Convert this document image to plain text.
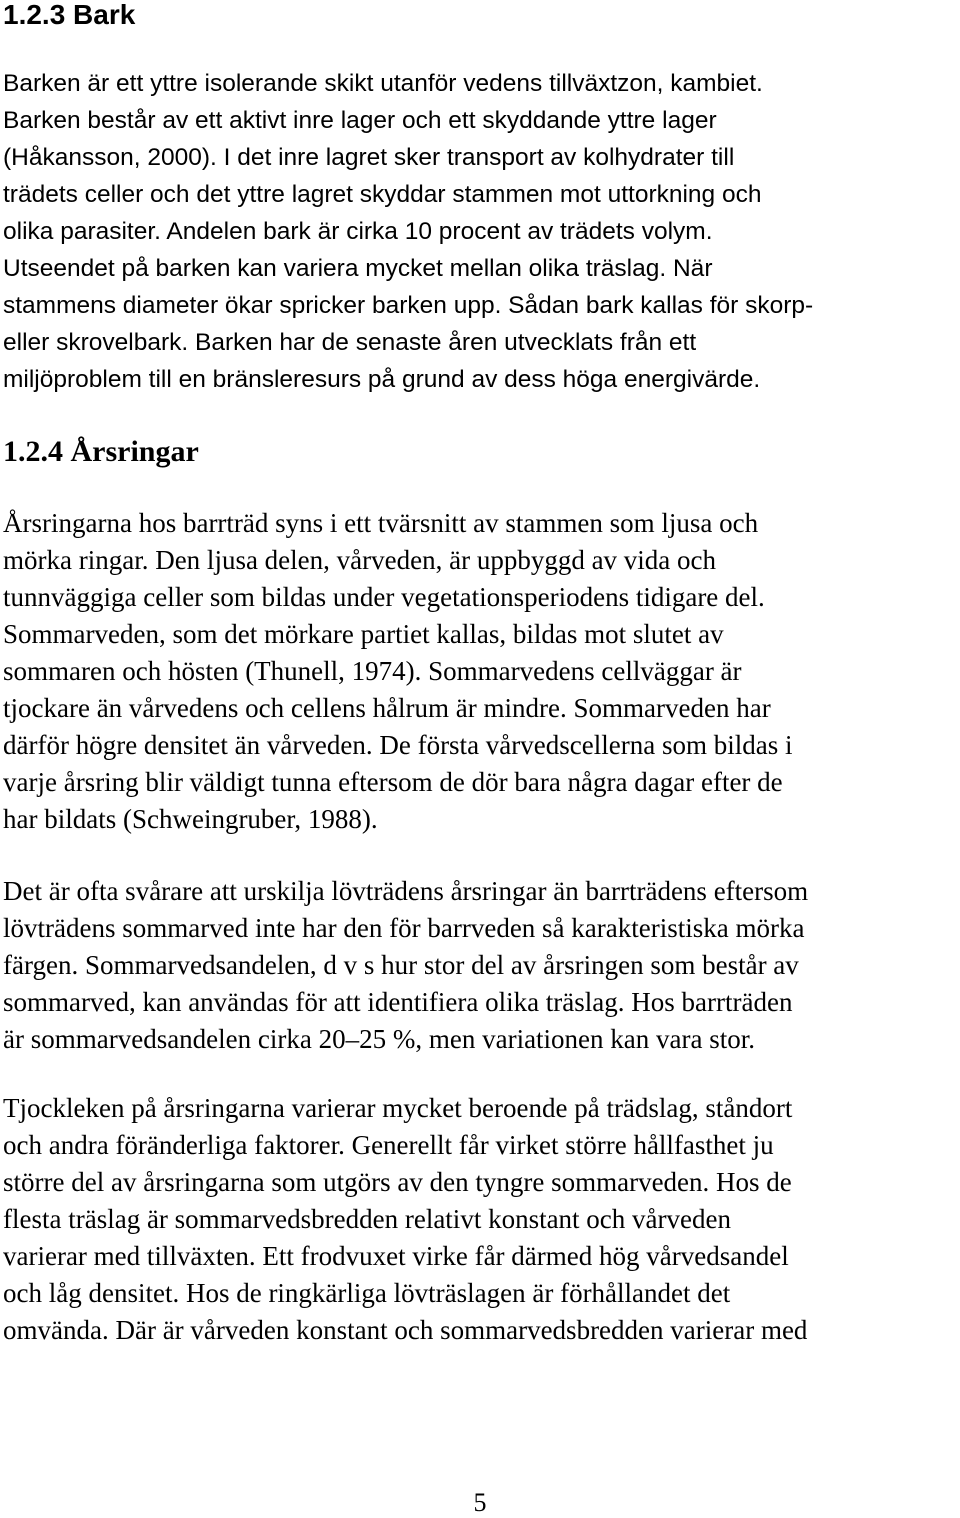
1.2.3 Bark

Barken är ett yttre isolerande skikt utanför vedens tillväxtzon, kambiet.
Barken består av ett aktivt inre lager och ett skyddande yttre lager
(Håkansson, 2000). I det inre lagret sker transport av kolhydrater till
trädets celler och det yttre lagret skyddar stammen mot uttorkning och
olika parasiter. Andelen bark är cirka 10 procent av trädets volym.
Utseendet på barken kan variera mycket mellan olika träslag. När
stammens diameter ökar spricker barken upp. Sådan bark kallas för skorp-
eller skrovelbark. Barken har de senaste åren utvecklats från ett
miljöproblem till en bränsleresurs på grund av dess höga energivärde.

1.2.4 Årsringar

Årsringarna hos barrträd syns i ett tvärsnitt av stammen som ljusa och
mörka ringar. Den ljusa delen, vårveden, är uppbyggd av vida och
tunnväggiga celler som bildas under vegetationsperiodens tidigare del.
Sommarveden, som det mörkare partiet kallas, bildas mot slutet av
sommaren och hösten (Thunell, 1974). Sommarvedens cellväggar är
tjockare än vårvedens och cellens hålrum är mindre. Sommarveden har
därför högre densitet än vårveden. De första vårvedscellerna som bildas i
varje årsring blir väldigt tunna eftersom de dör bara några dagar efter de
har bildats (Schweingruber, 1988).

Det är ofta svårare att urskilja lövträdens årsringar än barrträdens eftersom
lövträdens sommarved inte har den för barrveden så karakteristiska mörka
färgen. Sommarvedsandelen, d v s hur stor del av årsringen som består av
sommarved, kan användas för att identifiera olika träslag. Hos barrträden
är sommarvedsandelen cirka 20–25 %, men variationen kan vara stor.

Tjockleken på årsringarna varierar mycket beroende på trädslag, ståndort
och andra föränderliga faktorer. Generellt får virket större hållfasthet ju
större del av årsringarna som utgörs av den tyngre sommarveden. Hos de
flesta träslag är sommarvedsbredden relativt konstant och vårveden
varierar med tillväxten. Ett frodvuxet virke får därmed hög vårvedsandel
och låg densitet. Hos de ringkärliga lövträslagen är förhållandet det
omvända. Där är vårveden konstant och sommarvedsbredden varierar med

5
